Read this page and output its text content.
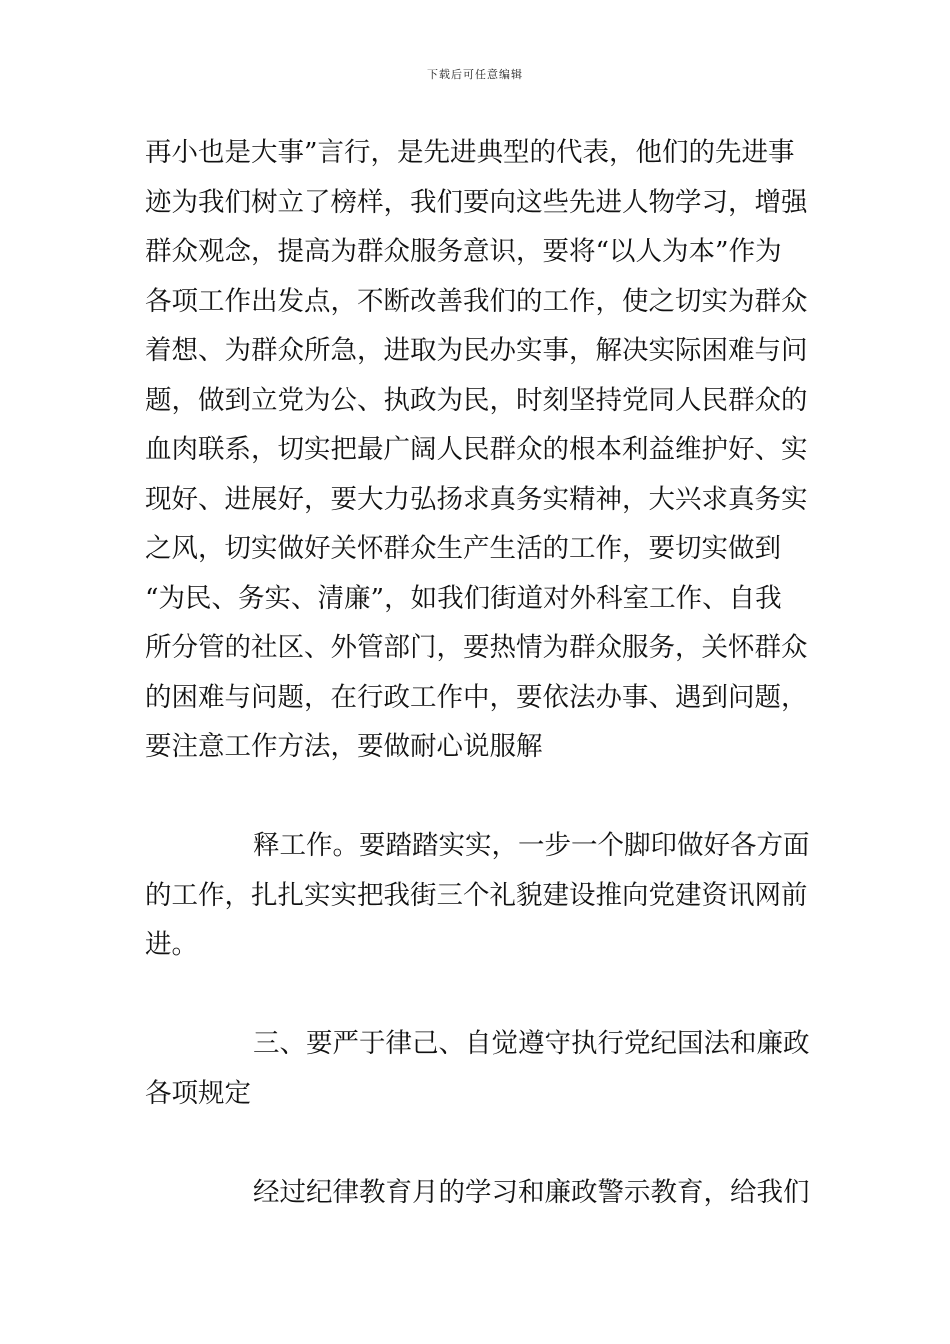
下载后可任意编辑
再小也是大事”言行，是先进典型的代表，他们的先进事
迹为我们树立了榜样，我们要向这些先进人物学习，增强
群众观念，提高为群众服务意识，要将“以人为本”作为
各项工作出发点，不断改善我们的工作，使之切实为群众
着想、为群众所急，进取为民办实事，解决实际困难与问
题，做到立党为公、执政为民，时刻坚持党同人民群众的
血肉联系，切实把最广阔人民群众的根本利益维护好、实
现好、进展好，要大力弘扬求真务实精神，大兴求真务实
之风，切实做好关怀群众生产生活的工作，要切实做到
“为民、务实、清廉”，如我们街道对外科室工作、自我
所分管的社区、外管部门，要热情为群众服务，关怀群众
的困难与问题，在行政工作中，要依法办事、遇到问题，
要注意工作方法，要做耐心说服解
释工作。要踏踏实实，一步一个脚印做好各方面
的工作，扎扎实实把我街三个礼貌建设推向党建资讯网前
进。
三、要严于律己、自觉遵守执行党纪国法和廉政
各项规定
经过纪律教育月的学习和廉政警示教育，给我们
